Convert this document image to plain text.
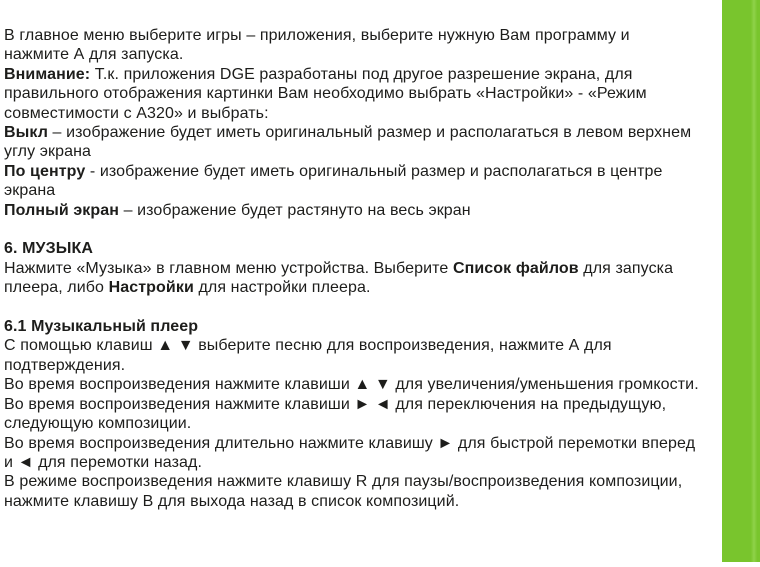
В главное меню выберите игры – приложения, выберите нужную Вам программу и
нажмите А для запуска.
Внимание: Т.к. приложения DGE разработаны под другое разрешение экрана, для
правильного отображения картинки Вам необходимо выбрать «Настройки» - «Режим
совместимости с А320» и выбрать:
Выкл – изображение будет иметь оригинальный размер и располагаться в левом верхнем
углу экрана
По центру - изображение будет иметь оригинальный размер и располагаться в центре
экрана
Полный экран – изображение будет растянуто на весь экран
6. МУЗЫКА
Нажмите «Музыка» в главном меню устройства. Выберите Список файлов для запуска
плеера, либо Настройки для настройки плеера.
6.1 Музыкальный плеер
С помощью клавиш ▲ ▼ выберите песню для воспроизведения, нажмите А для
подтверждения.
Во время воспроизведения нажмите клавиши ▲ ▼ для увеличения/уменьшения громкости.
Во время воспроизведения нажмите клавиши ► ◄ для переключения на предыдущую,
следующую композиции.
Во время воспроизведения длительно нажмите клавишу ► для быстрой перемотки вперед
и ◄ для перемотки назад.
В режиме воспроизведения нажмите клавишу R для паузы/воспроизведения композиции,
нажмите клавишу В для выхода назад в список композиций.
